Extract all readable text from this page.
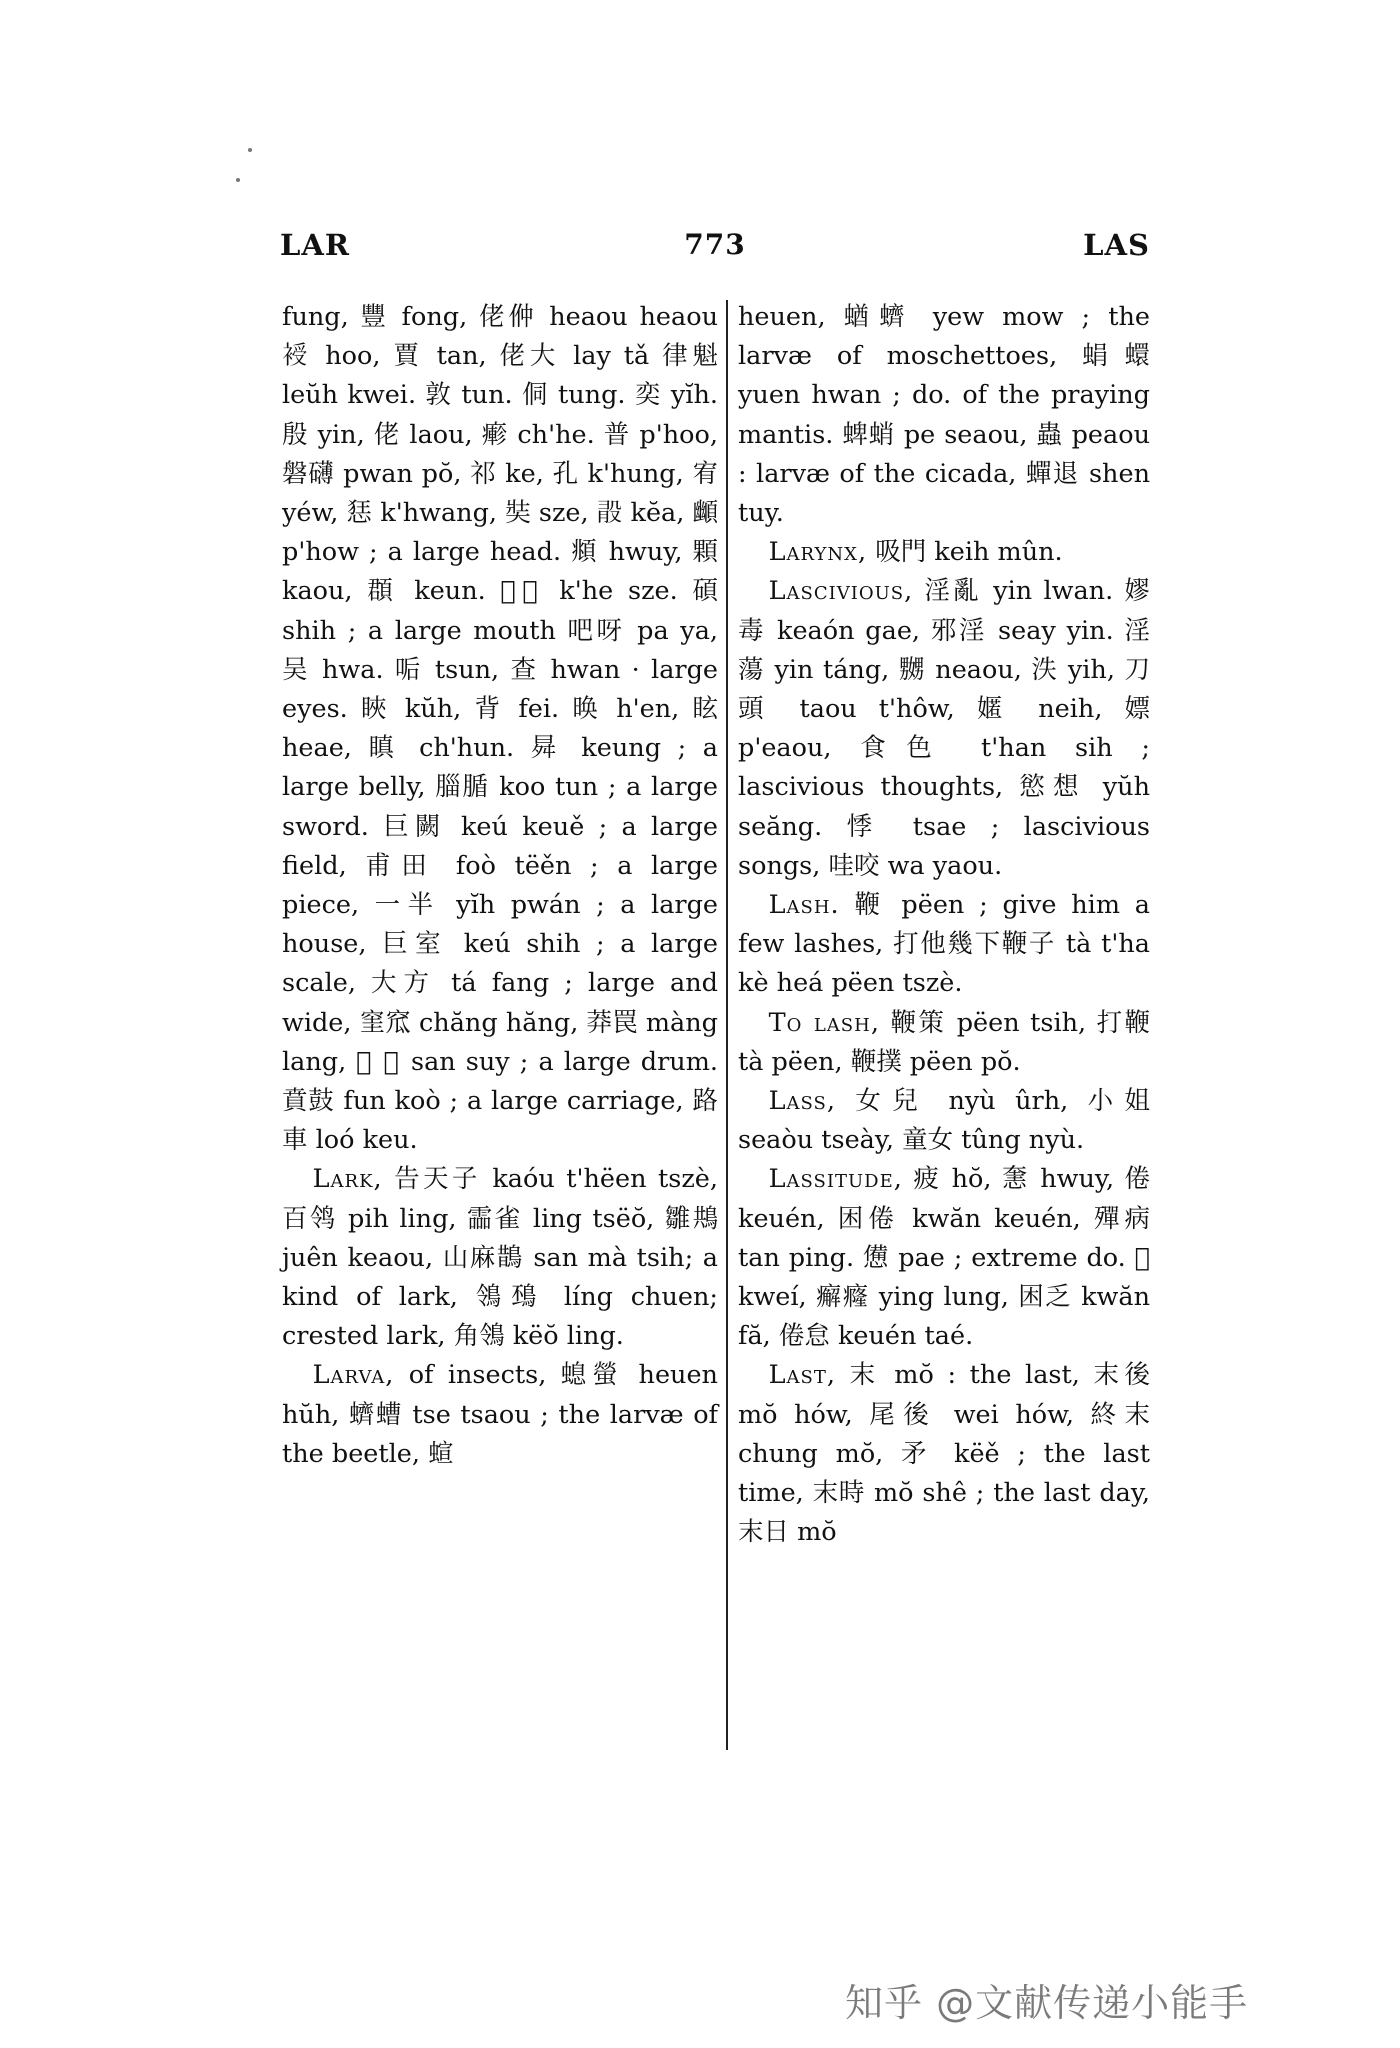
LAR	773	LAS

fung, 豐 fong, 佬㑖 heaou heaou 𧚯 hoo, 賈 tan, 佬大 lay tǎ 律魁 leŭh kwei. 敦 tun. 侗 tung. 奕 yĭh. 殷 yin, 佬 laou, 𤺋 ch'he. 普 p'hoo, 磐礴 pwan pŏ, 祁 ke, 孔 k'hung, 宥 yéw, 㤮 k'hwang, 奘 sze, 𣪏 kĕa, 䫜 p'how ; a large head. 頫 hwuy, 顆 kaou, 頵 keun. 𣢾𢾰 k'he sze. 碩 shih ; a large mouth 吧呀 pa ya, 吴 hwa. 㖃 tsun, 查 hwan · large eyes. 䀹 kŭh, 背 fei. 㬇 h'en, 眩 heae, 瞋 ch'hun. 曻 keung ; a large belly, 䐉腯 koo tun ; a large sword. 巨闕 keú keuě ; a large field, 甫田 foò tëěn ; a large piece, 一半 yĭh pwán ; a large house, 巨室 keú shih ; a large scale, 大方 tá fang ; large and wide, 窐窊 chăng hăng, 莽罠 màng lang, 𤲈 𨚕 san suy ; a large drum. 賁鼓 fun koò ; a large carriage, 路車 loó keu.

Lark, 告天子 kaóu t'hëen tszè, 百鸰 pih ling, 霝雀 ling tsëŏ, 雛䳍 juên keaou, 山麻鵲 san mà tsih; a kind of lark, 鴒䲹 líng chuen; crested lark, 角鴒 këŏ ling.

Larva, of insects, 螅螢 heuen hŭh, 蠐螬 tse tsaou ; the larvæ of the beetle, 蝖

heuen, 蝤蠐 yew mow ; the larvæ of moschettoes, 蜎蠉 yuen hwan ; do. of the praying mantis. 蜱蛸 pe seaou, 蟲 peaou : larvæ of the cicada, 蟬退 shen tuy.

Larynx, 吸門 keih mûn.

Lascivious, 淫亂 yin lwan. 嫪毒 keaón gae, 邪淫 seay yin. 淫蕩 yin táng, 嬲 neaou, 泆 yih, 刀頭 taou t'hôw, 嫟 neih, 嫖 p'eaou, 食色 t'han sih ; lascivious thoughts, 慾想 yŭh seăng. 悸 tsae ; lascivious songs, 哇咬 wa yaou.

Lash. 鞭 pëen ; give him a few lashes, 打他幾下鞭子 tà t'ha kè heá pëen tszè.

To lash, 鞭策 pëen tsih, 打鞭 tà pëen, 鞭撲 pëen pŏ.

Lass, 女兒 nyù ûrh, 小姐 seaòu tseày, 童女 tûng nyù.

Lassitude, 疲 hŏ, 㥣 hwuy, 倦 keuén, 困倦 kwăn keuén, 殫病 tan ping. 憊 pae ; extreme do. 𠡞 kweí, 㿍癃 ying lung, 困乏 kwăn fă, 倦怠 keuén taé.

Last, 末 mŏ : the last, 末後 mŏ hów, 尾後 wei hów, 終末 chung mŏ, 矛 këě ; the last time, 末時 mŏ shê ; the last day, 末日 mŏ

知乎 @文献传递小能手
